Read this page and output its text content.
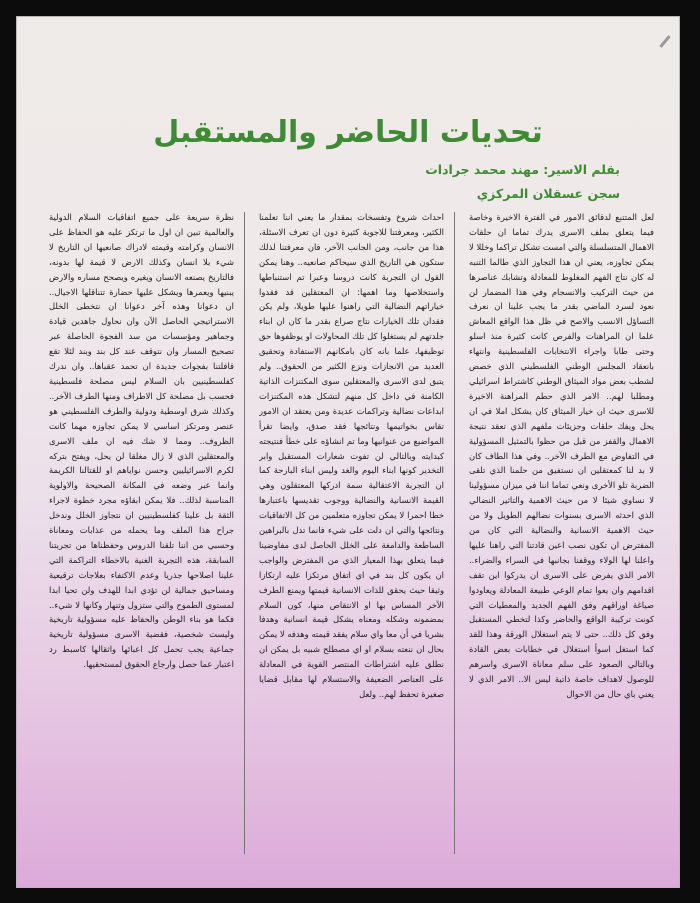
تحديات الحاضر والمستقبل
بقلم الاسير: مهند محمد جرادات
سجن عسقلان المركزي

لعل المتتبع لدقائق الامور في الفترة الاخيرة وخاصة فيما يتعلق بملف الاسرى يدرك تماما ان حلقات الاهمال المتسلسلة والتي امست تشكل تراكما وخللا لا يمكن تجاوزه، يعني ان هذا التجاوز الذي طالما التنبه له كان نتاج الفهم المغلوط للمعادلة وتشابك عناصرها من حيث التركيب والانسجام وفي هذا المضمار لن نعود لسرد الماضي بقدر ما يجب علينا ان نعرف التساؤل الانسب والاصح في ظل هذا الواقع المعاش علما ان المراهنات والفرص كانت كثيرة منذ اسلو وحتى طابا واجراء الانتخابات الفلسطينية وانتهاء بانعقاد المجلس الوطني الفلسطيني الذي خصص لشطب بعض مواد الميثاق الوطني كاشتراط اسرائيلي ومطلبا لهم.. الامر الذي حطم المراهنة الاخيرة للاسرى حيث ان خيار الميثاق كان يشكل املا في ان يحل ويفك حلقات وجزيئات ملفهم الذي تعقد نتيجة الاهمال والقفز من قبل من حظوا بالتمثيل المسؤولية في التفاوض مع الطرف الآخر.. وفي هذا الطاف كان لا بد لنا كمعتقلين ان نستفيق من حلمنا الذي تلقى الضربة تلو الأخرى ونعي تماما اننا في ميزان مسؤولينا لا نساوي شيئا لا من حيث الاهمية والتاثير النضالي الذي احدثه الاسرى بسنوات نضالهم الطويل ولا من حيث الاهمية الانسانية والنضالية التي كان من المفترض ان تكون نصب اعين قادتنا التي راهنا عليها واعلنا لها الولاء ووقفنا بجانبها في السراء والضراء.. الامر الذي يفرض على الاسرى ان يدركوا اين تقف اقدامهم وان يعوا تمام الوعي طبيعة المعادلة ويعاودوا صياغة اوراقهم وفق الفهم الجديد والمعطيات التي كونت تركيبة الواقع والحاضر وكذا لتخطي المستقبل وفق كل ذلك.. حتى لا يتم استغلال الورقة وهذا للقد كما استغل اسوأ استغلال في خطابات بعض القادة وبالتالي الصعود على سلم معاناة الاسرى واسرهم للوصول لاهداف خاصة ذاتية ليس الا.. الامر الذي لا يعني باي حال من الاحوال

احداث شروخ وتفسخات بمقدار ما يعني اننا تعلمنا الكثير، ومعرفتنا للاجوبة كثيرة دون ان تعرف الاسئلة، هذا من جانب، ومن الجانب الآخر، فان معرفتنا لذلك ستكون هي التاريخ الذي سيحاكم صانعيه.. وهنا يمكن القول ان التجربة كانت دروسا وعبرا تم استنباطها واستخلاصها وما اهمها: ان المعتقلين قد فقدوا خياراتهم النضالية التي راهنوا عليها طويلا، ولم يكن فقدان تلك الخيارات نتاج صراع بقدر ما كان ان ابناء جلدتهم لم يستغلوا كل تلك المحاولات او يوظفوها حق توظيفها، علما بانه كان بامكانهم الاستفادة وتحقيق العديد من الانجازات ونزع الكثير من الحقوق.. ولم يتبق لدى الاسرى والمعتقلين سوى المكتنزات الذاتية الكامنة في داخل كل منهم لتشكل هذه المكتنزات ابداعات نضالية وتراكمات عديدة ومن يعتقد ان الامور تقاس بخواتيمها ونتائجها فقد صدق، وايضا تقرأ المواضيع من عنوانيها وما تم انشاؤه على خطأ فنتيجته كبدايته وبالتالي لن تفوت شعارات المستقبل وابر التخدير كونها ابناء اليوم والغد وليس ابناء البارحة كما ان التجربة الاعتقالية سمة ادركها المعتقلون وهي القيمة الانسانية والنضالية ووجوب تقديسها باعتبارها خطا احمرا لا يمكن تجاوزه متعلمين من كل الاتفاقيات ونتائجها والتي ان دلت على شيء فانما تدل بالبراهين الساطعة والدامغة على الخلل الحاصل لدى مفاوضينا فيما يتعلق بهذا المعيار الذي من المفترض والواجب ان يكون كل بند في اي اتفاق مرتكزا عليه ارتكازا وثيقا حيث يحقق للذات الانسانية قيمتها ويمنع الطرف الآخر المساس بها او الانتقاص منها، كون السلام بمضمونه وشكله ومعناه يشكل قيمة انسانية وهدفا بشريا في أن معا واي سلام يفقد قيمته وهدفه لا يمكن بحال ان ننعته بسلام او اي مصطلح شبيه بل يمكن ان نطلق عليه اشتراطات المنتصر القوية في المعادلة على العناصر الضعيفة والاستسلام لها مقابل قضايا صغيرة تحفظ لهم.. ولعل

نظرة سريعة على جميع اتفاقيات السلام الدولية والعالمية تبين ان اول ما ترتكز عليه هو الحفاظ على الانسان وكرامته وقيمته لادراك صانعيها ان التاريخ لا شيء بلا انسان وكذلك الارض لا قيمة لها بدونه، فالتاريخ يصنعه الانسان ويغيره ويصحح مساره والارض يبنيها ويعمرها ويشكل عليها حضارة تتناقلها الاجيال.. ان دعوانا وهذه آخر دعوانا ان نتخطى الخلل الاستراتيجي الحاصل الآن وان نحاول جاهدين قيادة وجماهير ومؤسسات من سد الفجوة الحاصلة عبر تصحيح المسار وان نتوقف عند كل بند وبند لئلا تقع قافلتنا بفجوات جديدة ان تحمد عقباها.. وان ندرك كفلسطينيين بان السلام ليس مصلحة فلسطينية فحسب بل مصلحة كل الاطراف ومنها الطرف الآخر.. وكذلك شرق اوسطية ودولية والطرف الفلسطيني هو عنصر ومرتكز اساسي لا يمكن تجاوزه مهما كانت الظروف.. ومما لا شك فيه ان ملف الاسرى والمعتقلين الذي لا زال مغلقا لن يحل، ويفتح بتركه لكرم الاسرائيليين وحسن نواياهم او للقتالنا الكريمة وانما عبر وضعه في المكانة الصحيحة والاولوية المناسبة لذلك.. فلا يمكن ابقاؤه مجرد خطوة لاجراء الثقة بل علينا كفلسطينيين ان نتجاوز الخلل وندخل جراح هذا الملف وما يحمله من عذابات ومعاناة وحسبي من اننا تلقنا الدروس وحفظناها من تجربتنا السابقة، هذه التجربة الغنية بالاخطاء التراكمة التي علينا اصلاحها جذريا وعدم الاكتفاء بعلاجات ترقيعية ومساحيق جمالية لن تؤدي ابدا للهدف ولن تحيا ابدا لمستوى الطموح والتي ستزول وتنهار وكانها لا شيء.. فكما هو بناء الوطن والحفاظ عليه مسؤولية تاريخية وليست شخصية، فقضية الاسرى مسؤولية تاريخية جماعية يجب تحمل كل اعبائها واثقالها كاسبط رد اعتبار عما حصل وارجاع الحقوق لمستحقيها.
